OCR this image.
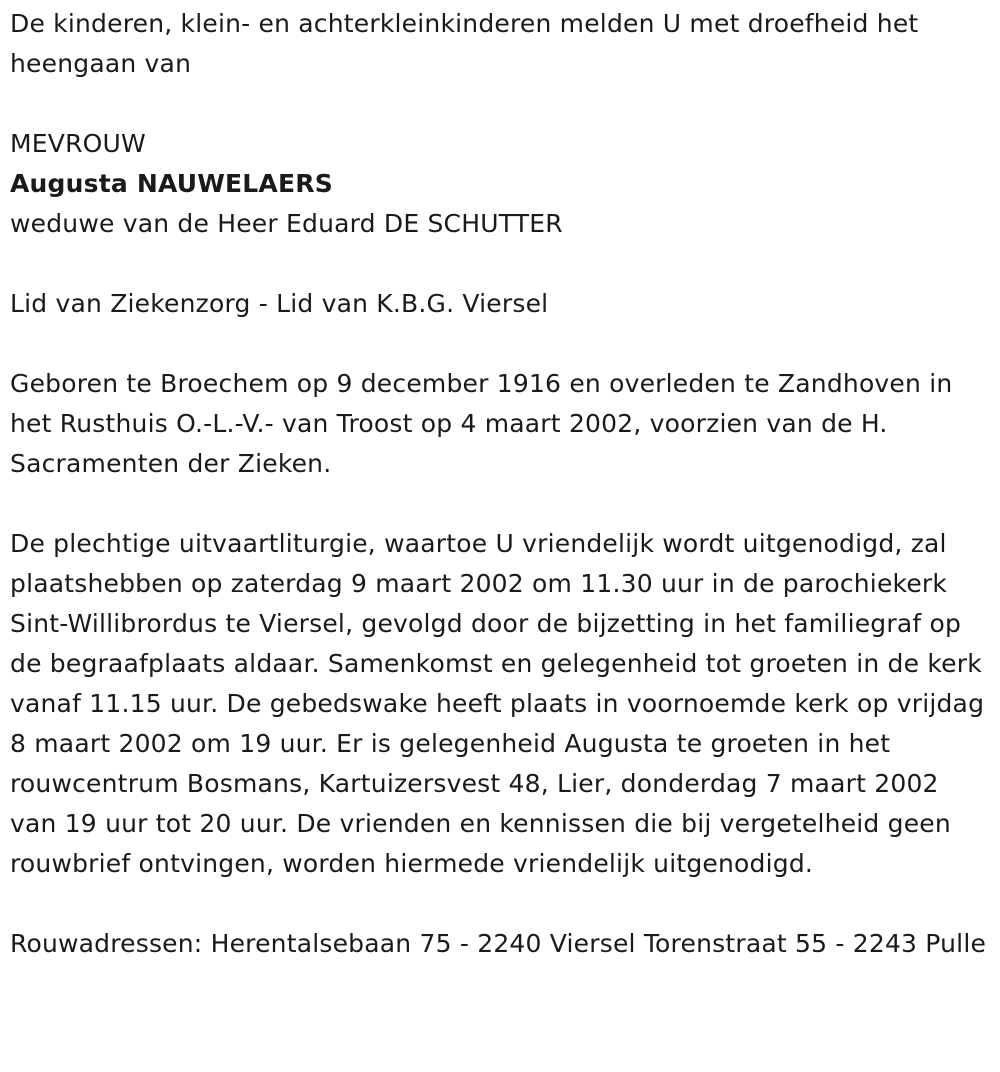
De kinderen, klein- en achterkleinkinderen melden U met droefheid het heengaan van

MEVROUW

Augusta NAUWELAERS

weduwe van de Heer Eduard DE SCHUTTER

Lid van Ziekenzorg - Lid van K.B.G. Viersel

Geboren te Broechem op 9 december 1916 en overleden te Zandhoven in het Rusthuis O.-L.-V.- van Troost op 4 maart 2002, voorzien van de H. Sacramenten der Zieken.

De plechtige uitvaartliturgie, waartoe U vriendelijk wordt uitgenodigd, zal plaatshebben op zaterdag 9 maart 2002 om 11.30 uur in de parochiekerk Sint-Willibrordus te Viersel, gevolgd door de bijzetting in het familiegraf op de begraafplaats aldaar. Samenkomst en gelegenheid tot groeten in de kerk vanaf 11.15 uur. De gebedswake heeft plaats in voornoemde kerk op vrijdag 8 maart 2002 om 19 uur. Er is gelegenheid Augusta te groeten in het rouwcentrum Bosmans, Kartuizersvest 48, Lier, donderdag 7 maart 2002 van 19 uur tot 20 uur. De vrienden en kennissen die bij vergetelheid geen rouwbrief ontvingen, worden hiermede vriendelijk uitgenodigd.

Rouwadressen: Herentalsebaan 75 - 2240 Viersel Torenstraat 55 - 2243 Pulle
